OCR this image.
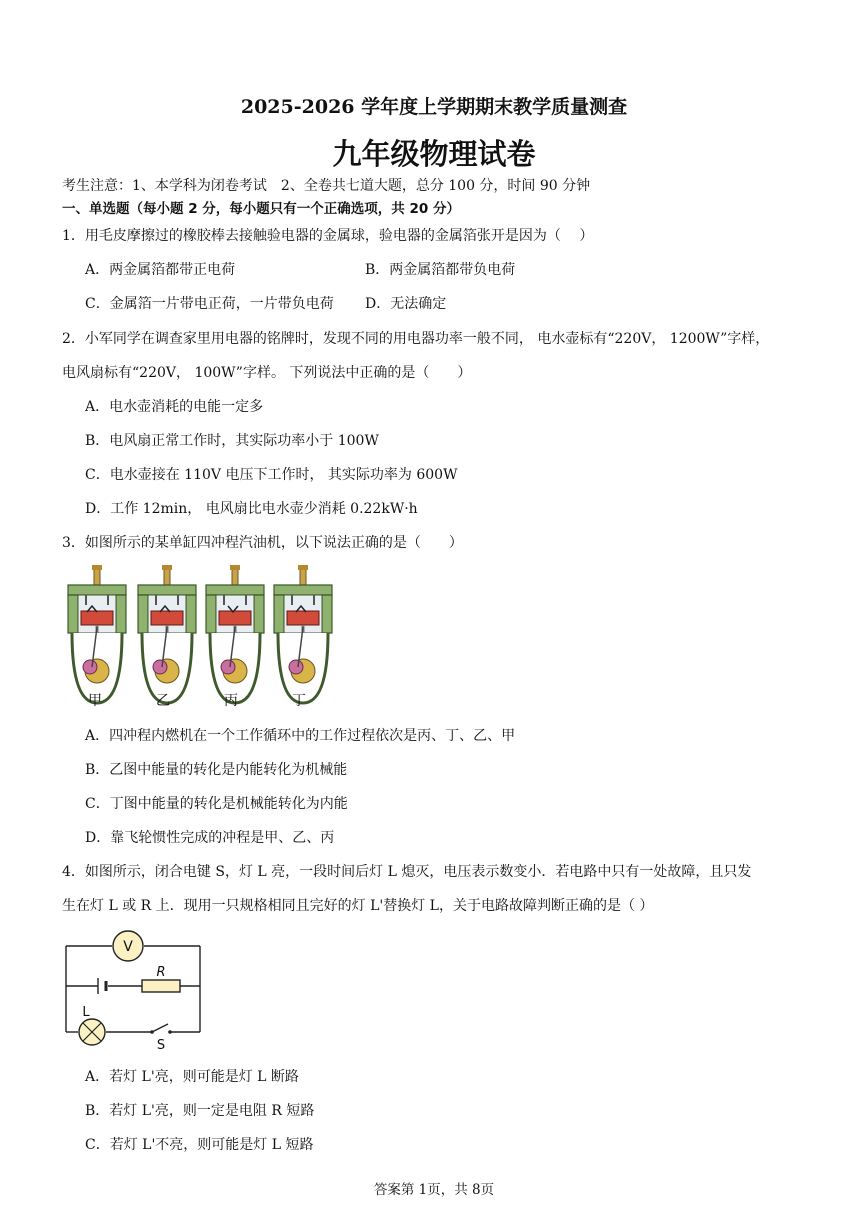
2025-2026 学年度上学期期末教学质量测查
九年级物理试卷
考生注意：1、本学科为闭卷考试　2、全卷共七道大题，总分 100 分，时间 90 分钟
一、单选题（每小题 2 分，每小题只有一个正确选项，共 20 分）
1．用毛皮摩擦过的橡胶棒去接触验电器的金属球，验电器的金属箔张开是因为（　 ）
A．两金属箔都带正电荷	B．两金属箔都带负电荷
C．金属箔一片带电正荷，一片带负电荷 D．无法确定
2．小军同学在调查家里用电器的铭牌时，发现不同的用电器功率一般不同， 电水壶标有“220V， 1200W”字样，
电风扇标有“220V， 100W”字样。 下列说法中正确的是（　　）
A．电水壶消耗的电能一定多
B．电风扇正常工作时，其实际功率小于 100W
C．电水壶接在 110V 电压下工作时， 其实际功率为 600W
D．工作 12min， 电风扇比电水壶少消耗 0.22kW·h
3．如图所示的某单缸四冲程汽油机，以下说法正确的是（　　）
甲	乙	丙	丁
A．四冲程内燃机在一个工作循环中的工作过程依次是丙、丁、乙、甲
B．乙图中能量的转化是内能转化为机械能
C．丁图中能量的转化是机械能转化为内能
D．靠飞轮惯性完成的冲程是甲、乙、丙
4．如图所示，闭合电键 S，灯 L 亮，一段时间后灯 L 熄灭，电压表示数变小．若电路中只有一处故障，且只发
生在灯 L 或 R 上．现用一只规格相同且完好的灯 L'替换灯 L，关于电路故障判断正确的是（ ）
V
R
L
S
A．若灯 L'亮，则可能是灯 L 断路
B．若灯 L'亮，则一定是电阻 R 短路
C．若灯 L'不亮，则可能是灯 L 短路
答案第 1页，共 8页
